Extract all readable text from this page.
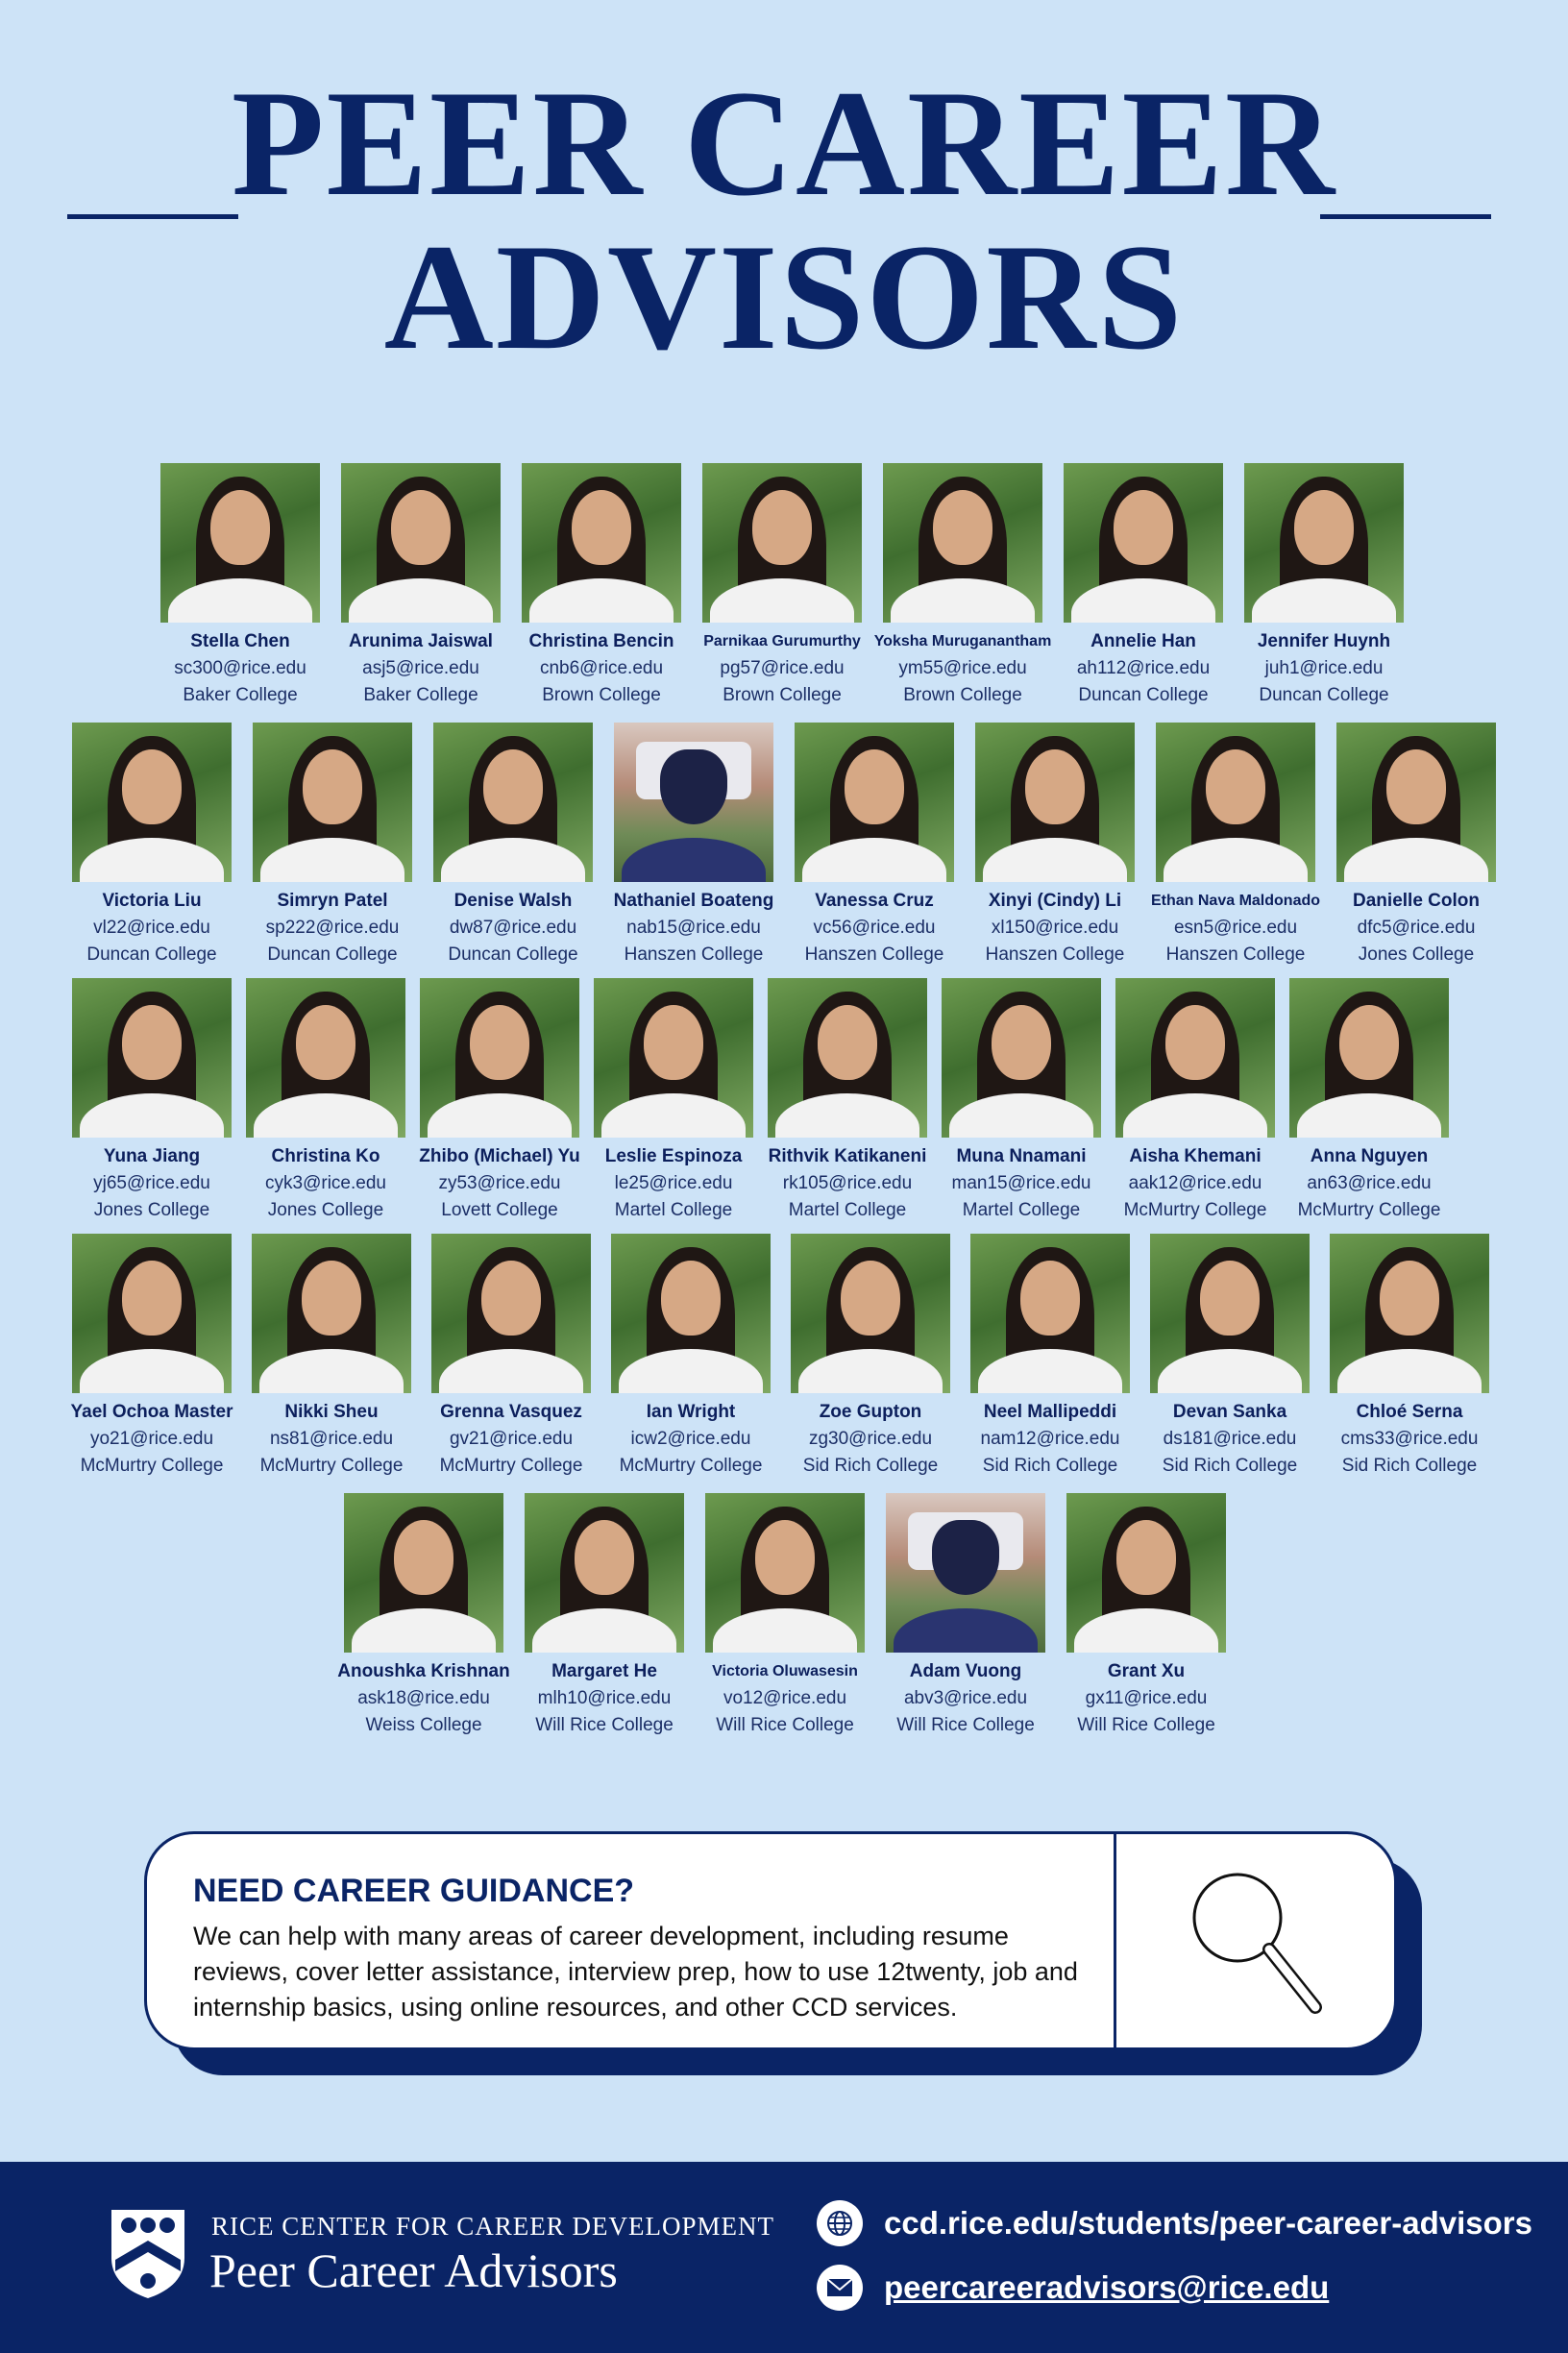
PEER CAREER
ADVISORS
Stella Chen
sc300@rice.edu
Baker College
Arunima Jaiswal
asj5@rice.edu
Baker College
Christina Bencin
cnb6@rice.edu
Brown College
Parnikaa Gurumurthy
pg57@rice.edu
Brown College
Yoksha Muruganantham
ym55@rice.edu
Brown College
Annelie Han
ah112@rice.edu
Duncan College
Jennifer Huynh
juh1@rice.edu
Duncan College
Victoria Liu
vl22@rice.edu
Duncan College
Simryn Patel
sp222@rice.edu
Duncan College
Denise Walsh
dw87@rice.edu
Duncan College
Nathaniel Boateng
nab15@rice.edu
Hanszen College
Vanessa Cruz
vc56@rice.edu
Hanszen College
Xinyi (Cindy) Li
xl150@rice.edu
Hanszen College
Ethan Nava Maldonado
esn5@rice.edu
Hanszen College
Danielle Colon
dfc5@rice.edu
Jones College
Yuna Jiang
yj65@rice.edu
Jones College
Christina Ko
cyk3@rice.edu
Jones College
Zhibo (Michael) Yu
zy53@rice.edu
Lovett College
Leslie Espinoza
le25@rice.edu
Martel College
Rithvik Katikaneni
rk105@rice.edu
Martel College
Muna Nnamani
man15@rice.edu
Martel College
Aisha Khemani
aak12@rice.edu
McMurtry College
Anna Nguyen
an63@rice.edu
McMurtry College
Yael Ochoa Master
yo21@rice.edu
McMurtry College
Nikki Sheu
ns81@rice.edu
McMurtry College
Grenna Vasquez
gv21@rice.edu
McMurtry College
Ian Wright
icw2@rice.edu
McMurtry College
Zoe Gupton
zg30@rice.edu
Sid Rich College
Neel Mallipeddi
nam12@rice.edu
Sid Rich College
Devan Sanka
ds181@rice.edu
Sid Rich College
Chloé Serna
cms33@rice.edu
Sid Rich College
Anoushka Krishnan
ask18@rice.edu
Weiss College
Margaret He
mlh10@rice.edu
Will Rice College
Victoria Oluwasesin
vo12@rice.edu
Will Rice College
Adam Vuong
abv3@rice.edu
Will Rice College
Grant Xu
gx11@rice.edu
Will Rice College
NEED CAREER GUIDANCE?
We can help with many areas of career development, including resume reviews, cover letter assistance, interview prep, how to use 12twenty, job and internship basics, using online resources, and other CCD services.
RICE CENTER FOR CAREER DEVELOPMENT
Peer Career Advisors
ccd.rice.edu/students/peer-career-advisors
peercareeradvisors@rice.edu
